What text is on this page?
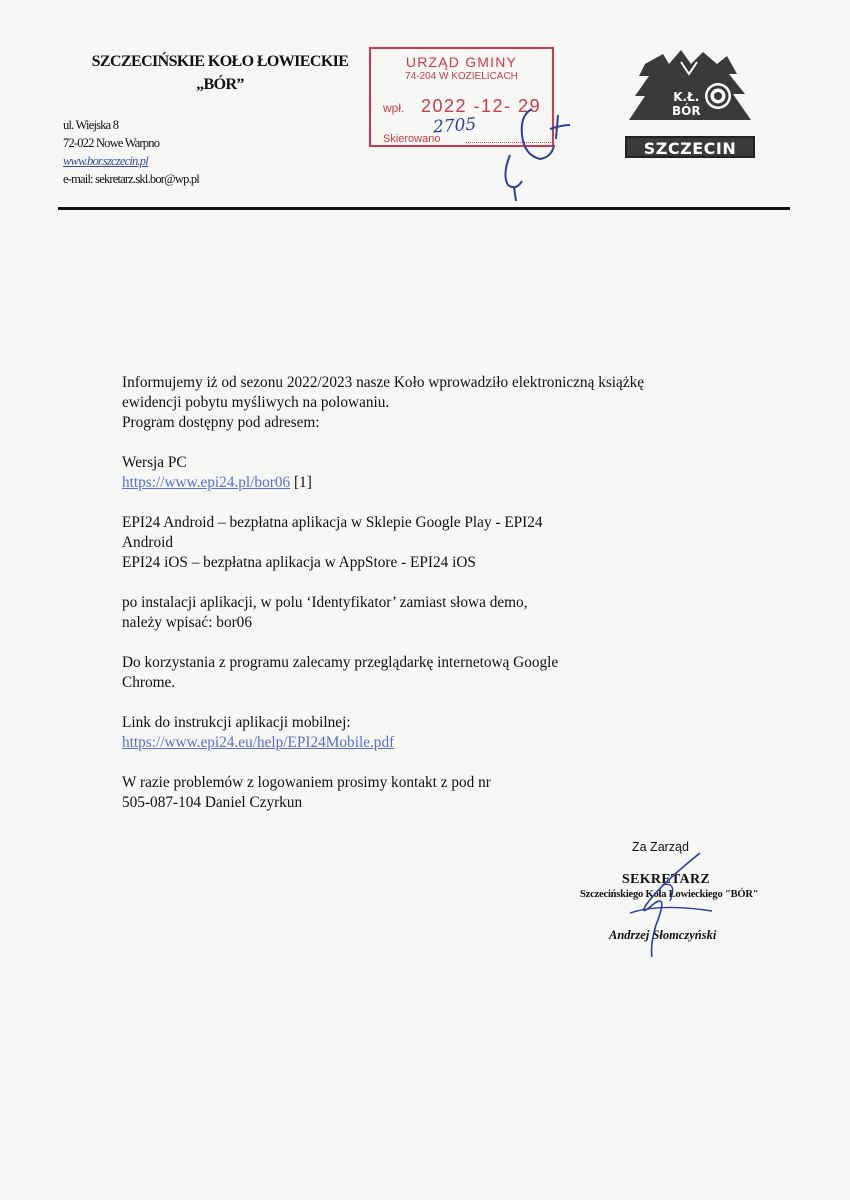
SZCZECIŃSKIE KOŁO ŁOWIECKIE
„BÓR”
ul. Wiejska 8
72-022 Nowe Warpno
www.bor.szczecin.pl
e-mail: sekretarz.skl.bor@wp.pl
URZĄD GMINY
74-204 W KOZIELICACH
wpł. 2022 -12- 29
2705
Skierowano
K.Ł.
BÓR
SZCZECIN

Informujemy iż od sezonu 2022/2023 nasze Koło wprowadziło elektroniczną książkę
ewidencji pobytu myśliwych na polowaniu.
Program dostępny pod adresem:

Wersja PC
https://www.epi24.pl/bor06 [1]

EPI24 Android – bezpłatna aplikacja w Sklepie Google Play - EPI24
Android
EPI24 iOS – bezpłatna aplikacja w AppStore - EPI24 iOS

po instalacji aplikacji, w polu ‘Identyfikator’ zamiast słowa demo,
należy wpisać: bor06

Do korzystania z programu zalecamy przeglądarkę internetową Google
Chrome.

Link do instrukcji aplikacji mobilnej:
https://www.epi24.eu/help/EPI24Mobile.pdf

W razie problemów z logowaniem prosimy kontakt z pod nr
505-087-104 Daniel Czyrkun

Za Zarząd
SEKRETARZ
Szczecińskiego Koła Łowieckiego "BÓR"
Andrzej Słomczyński
